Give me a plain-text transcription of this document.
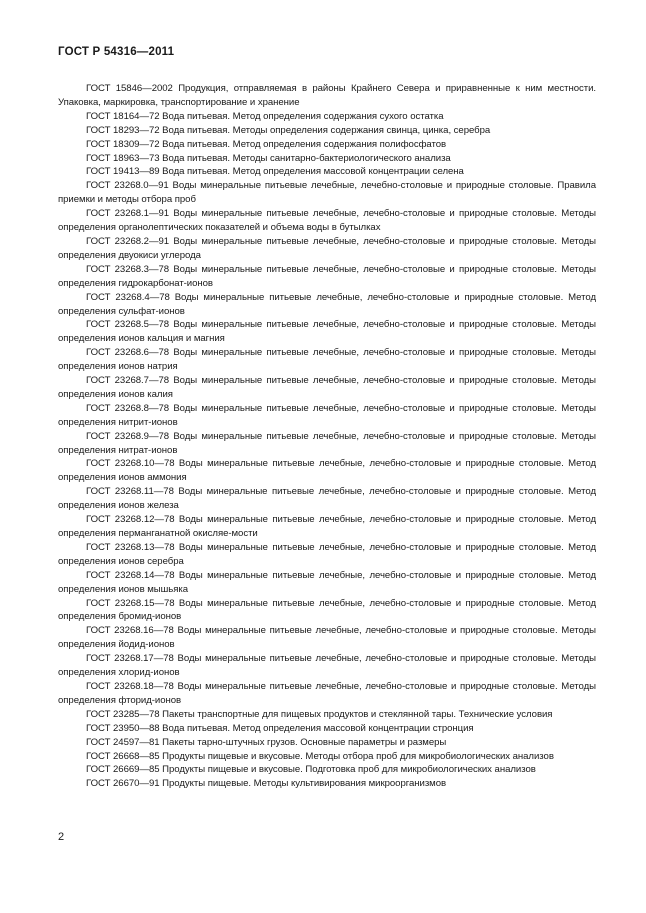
ГОСТ Р 54316—2011

ГОСТ 15846—2002 Продукция, отправляемая в районы Крайнего Севера и приравненные к ним местности. Упаковка, маркировка, транспортирование и хранение

ГОСТ 18164—72 Вода питьевая. Метод определения содержания сухого остатка

ГОСТ 18293—72 Вода питьевая. Методы определения содержания свинца, цинка, серебра

ГОСТ 18309—72 Вода питьевая. Метод определения содержания полифосфатов

ГОСТ 18963—73 Вода питьевая. Методы санитарно-бактериологического анализа

ГОСТ 19413—89 Вода питьевая. Метод определения массовой концентрации селена

ГОСТ 23268.0—91 Воды минеральные питьевые лечебные, лечебно-столовые и природные столовые. Правила приемки и методы отбора проб

ГОСТ 23268.1—91 Воды минеральные питьевые лечебные, лечебно-столовые и природные столовые. Методы определения органолептических показателей и объема воды в бутылках

ГОСТ 23268.2—91 Воды минеральные питьевые лечебные, лечебно-столовые и природные столовые. Методы определения двуокиси углерода

ГОСТ 23268.3—78 Воды минеральные питьевые лечебные, лечебно-столовые и природные столовые. Методы определения гидрокарбонат-ионов

ГОСТ 23268.4—78 Воды минеральные питьевые лечебные, лечебно-столовые и природные столовые. Метод определения сульфат-ионов

ГОСТ 23268.5—78 Воды минеральные питьевые лечебные, лечебно-столовые и природные столовые. Методы определения ионов кальция и магния

ГОСТ 23268.6—78 Воды минеральные питьевые лечебные, лечебно-столовые и природные столовые. Методы определения ионов натрия

ГОСТ 23268.7—78 Воды минеральные питьевые лечебные, лечебно-столовые и природные столовые. Методы определения ионов калия

ГОСТ 23268.8—78 Воды минеральные питьевые лечебные, лечебно-столовые и природные столовые. Методы определения нитрит-ионов

ГОСТ 23268.9—78 Воды минеральные питьевые лечебные, лечебно-столовые и природные столовые. Методы определения нитрат-ионов

ГОСТ 23268.10—78 Воды минеральные питьевые лечебные, лечебно-столовые и природные столовые. Метод определения ионов аммония

ГОСТ 23268.11—78 Воды минеральные питьевые лечебные, лечебно-столовые и природные столовые. Метод определения ионов железа

ГОСТ 23268.12—78 Воды минеральные питьевые лечебные, лечебно-столовые и природные столовые. Метод определения перманганатной окисляе-мости

ГОСТ 23268.13—78 Воды минеральные питьевые лечебные, лечебно-столовые и природные столовые. Метод определения ионов серебра

ГОСТ 23268.14—78 Воды минеральные питьевые лечебные, лечебно-столовые и природные столовые. Метод определения ионов мышьяка

ГОСТ 23268.15—78 Воды минеральные питьевые лечебные, лечебно-столовые и природные столовые. Метод определения бромид-ионов

ГОСТ 23268.16—78 Воды минеральные питьевые лечебные, лечебно-столовые и природные столовые. Методы определения йодид-ионов

ГОСТ 23268.17—78 Воды минеральные питьевые лечебные, лечебно-столовые и природные столовые. Методы определения хлорид-ионов

ГОСТ 23268.18—78 Воды минеральные питьевые лечебные, лечебно-столовые и природные столовые. Методы определения фторид-ионов

ГОСТ 23285—78 Пакеты транспортные для пищевых продуктов и стеклянной тары. Технические условия

ГОСТ 23950—88 Вода питьевая. Метод определения массовой концентрации стронция

ГОСТ 24597—81 Пакеты тарно-штучных грузов. Основные параметры и размеры

ГОСТ 26668—85 Продукты пищевые и вкусовые. Методы отбора проб для микробиологических анализов

ГОСТ 26669—85 Продукты пищевые и вкусовые. Подготовка проб для микробиологических анализов

ГОСТ 26670—91 Продукты пищевые. Методы культивирования микроорганизмов

2
